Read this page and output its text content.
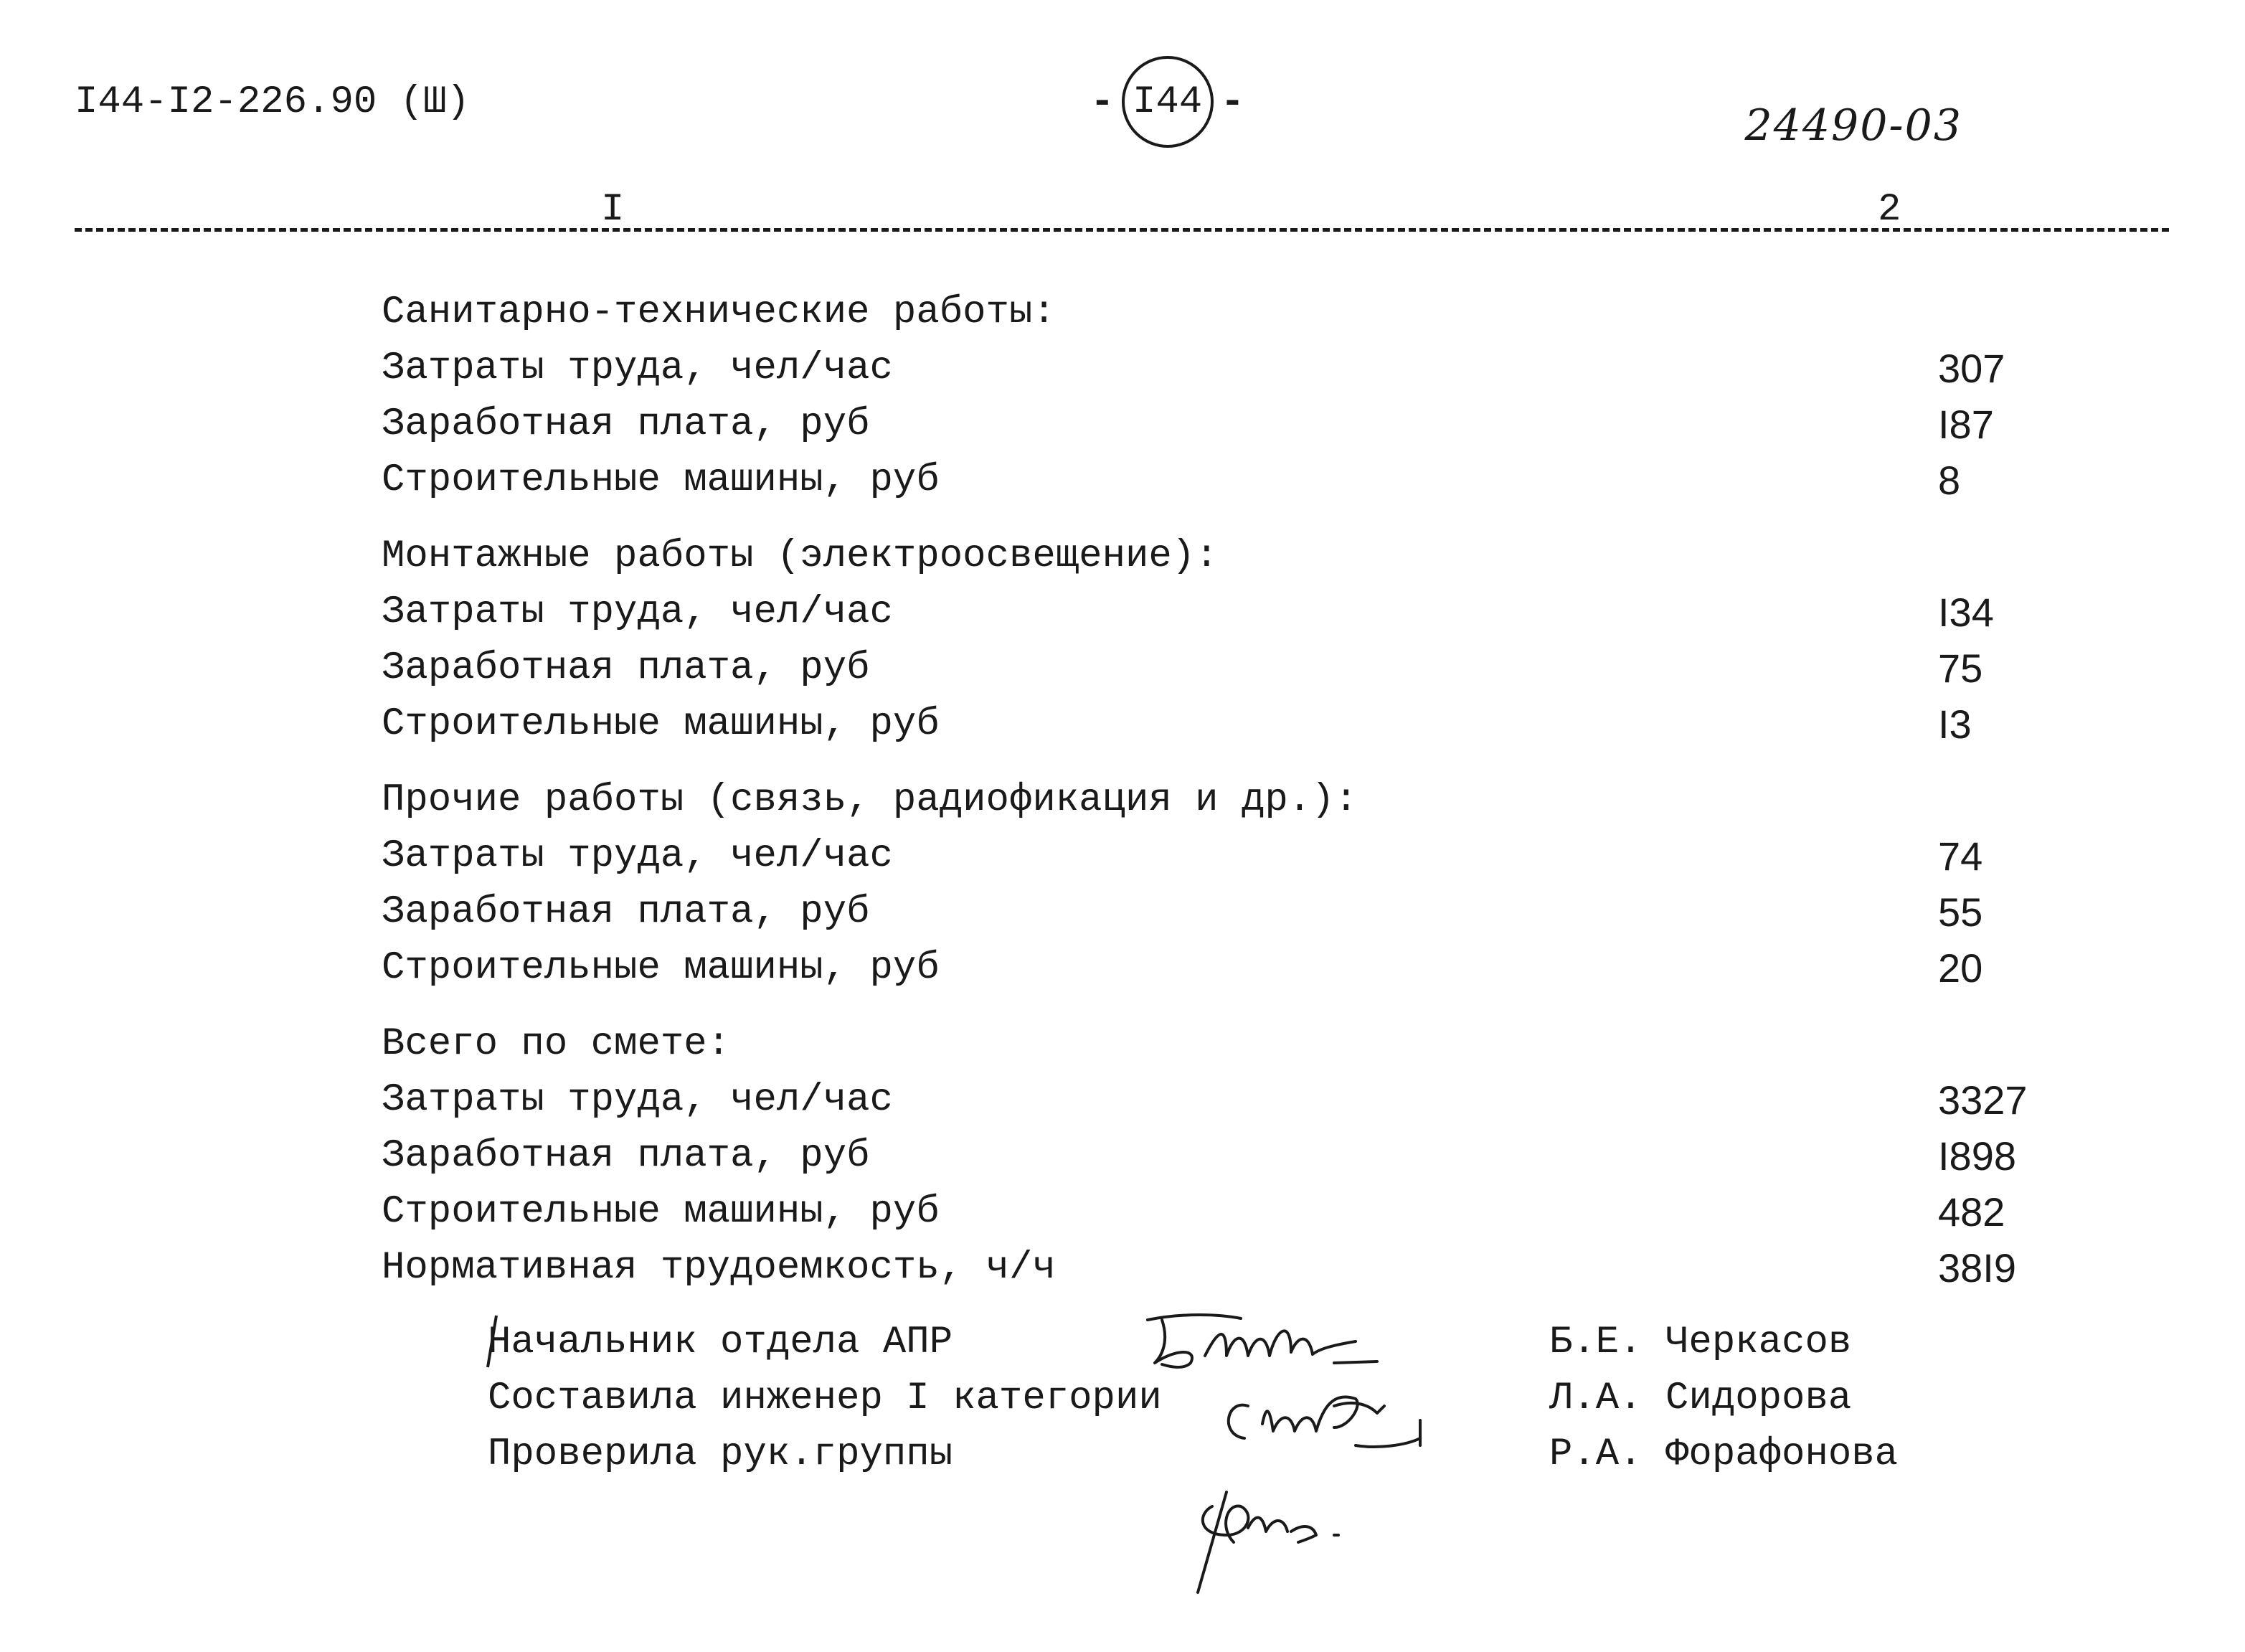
I44-I2-226.90 (Ш)	- I44 -	24490-03
I	2
Санитарно-технические работы:
Затраты труда, чел/час	307
Заработная плата, руб	I87
Строительные машины, руб	8
Монтажные работы (электроосвещение):
Затраты труда, чел/час	I34
Заработная плата, руб	75
Строительные машины, руб	I3
Прочие работы (связь, радиофикация и др.):
Затраты труда, чел/час	74
Заработная плата, руб	55
Строительные машины, руб	20
Всего по смете:
Затраты труда, чел/час	3327
Заработная плата, руб	I898
Строительные машины, руб	482
Нормативная трудоемкость, ч/ч	38I9
Начальник отдела АПР	Б.Е. Черкасов
Составила инженер I категории	Л.А. Сидорова
Проверила рук.группы	Р.А. Форафонова
